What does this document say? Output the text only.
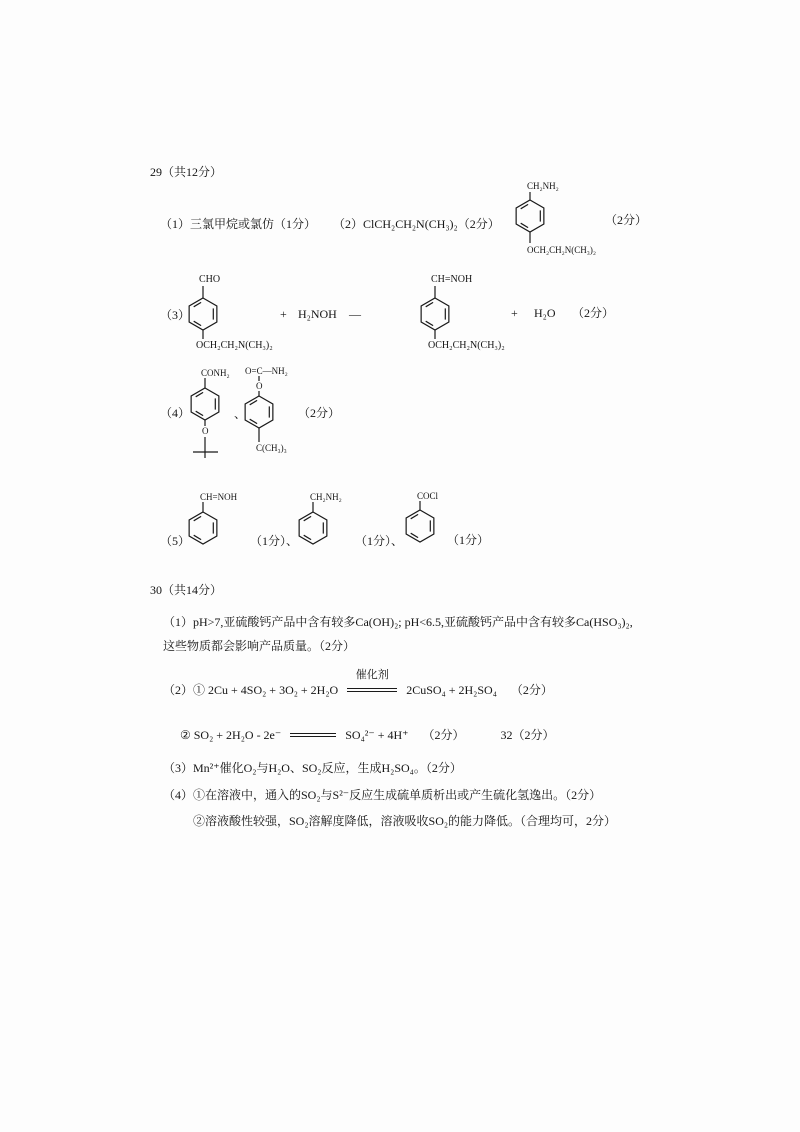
29（共12分）
（1）三氯甲烷或氯仿（1分） （2）ClCH₂CH₂N(CH₃)₂（2分）
CH₂NH₂
OCH₂CH₂N(CH₃)₂
（2分）
（3）
CHO
OCH₂CH₂N(CH₃)₂
+ H₂NOH —
CH=NOH
OCH₂CH₂N(CH₃)₂
+ H₂O （2分）
（4）
CONH₂
O
、
O=C—NH₂
O
C(CH₃)₃
（2分）
（5）
CH=NOH
（1分）、
CH₂NH₂
（1分）、
COCl
（1分）
30（共14分）
（1）pH>7,亚硫酸钙产品中含有较多Ca(OH)₂; pH<6.5,亚硫酸钙产品中含有较多Ca(HSO₃)₂,
这些物质都会影响产品质量。（2分）
（2）① 2Cu + 4SO₂ + 3O₂ + 2H₂O
催化剂
2CuSO₄ + 2H₂SO₄ （2分）
② SO₂ + 2H₂O - 2e⁻	SO₄²⁻ + 4H⁺ （2分）	32（2分）
（3）Mn²⁺催化O₂与H₂O、SO₂反应，生成H₂SO₄。（2分）
（4）①在溶液中，通入的SO₂与S²⁻反应生成硫单质析出或产生硫化氢逸出。（2分）
②溶液酸性较强，SO₂溶解度降低，溶液吸收SO₂的能力降低。（合理均可，2分）
